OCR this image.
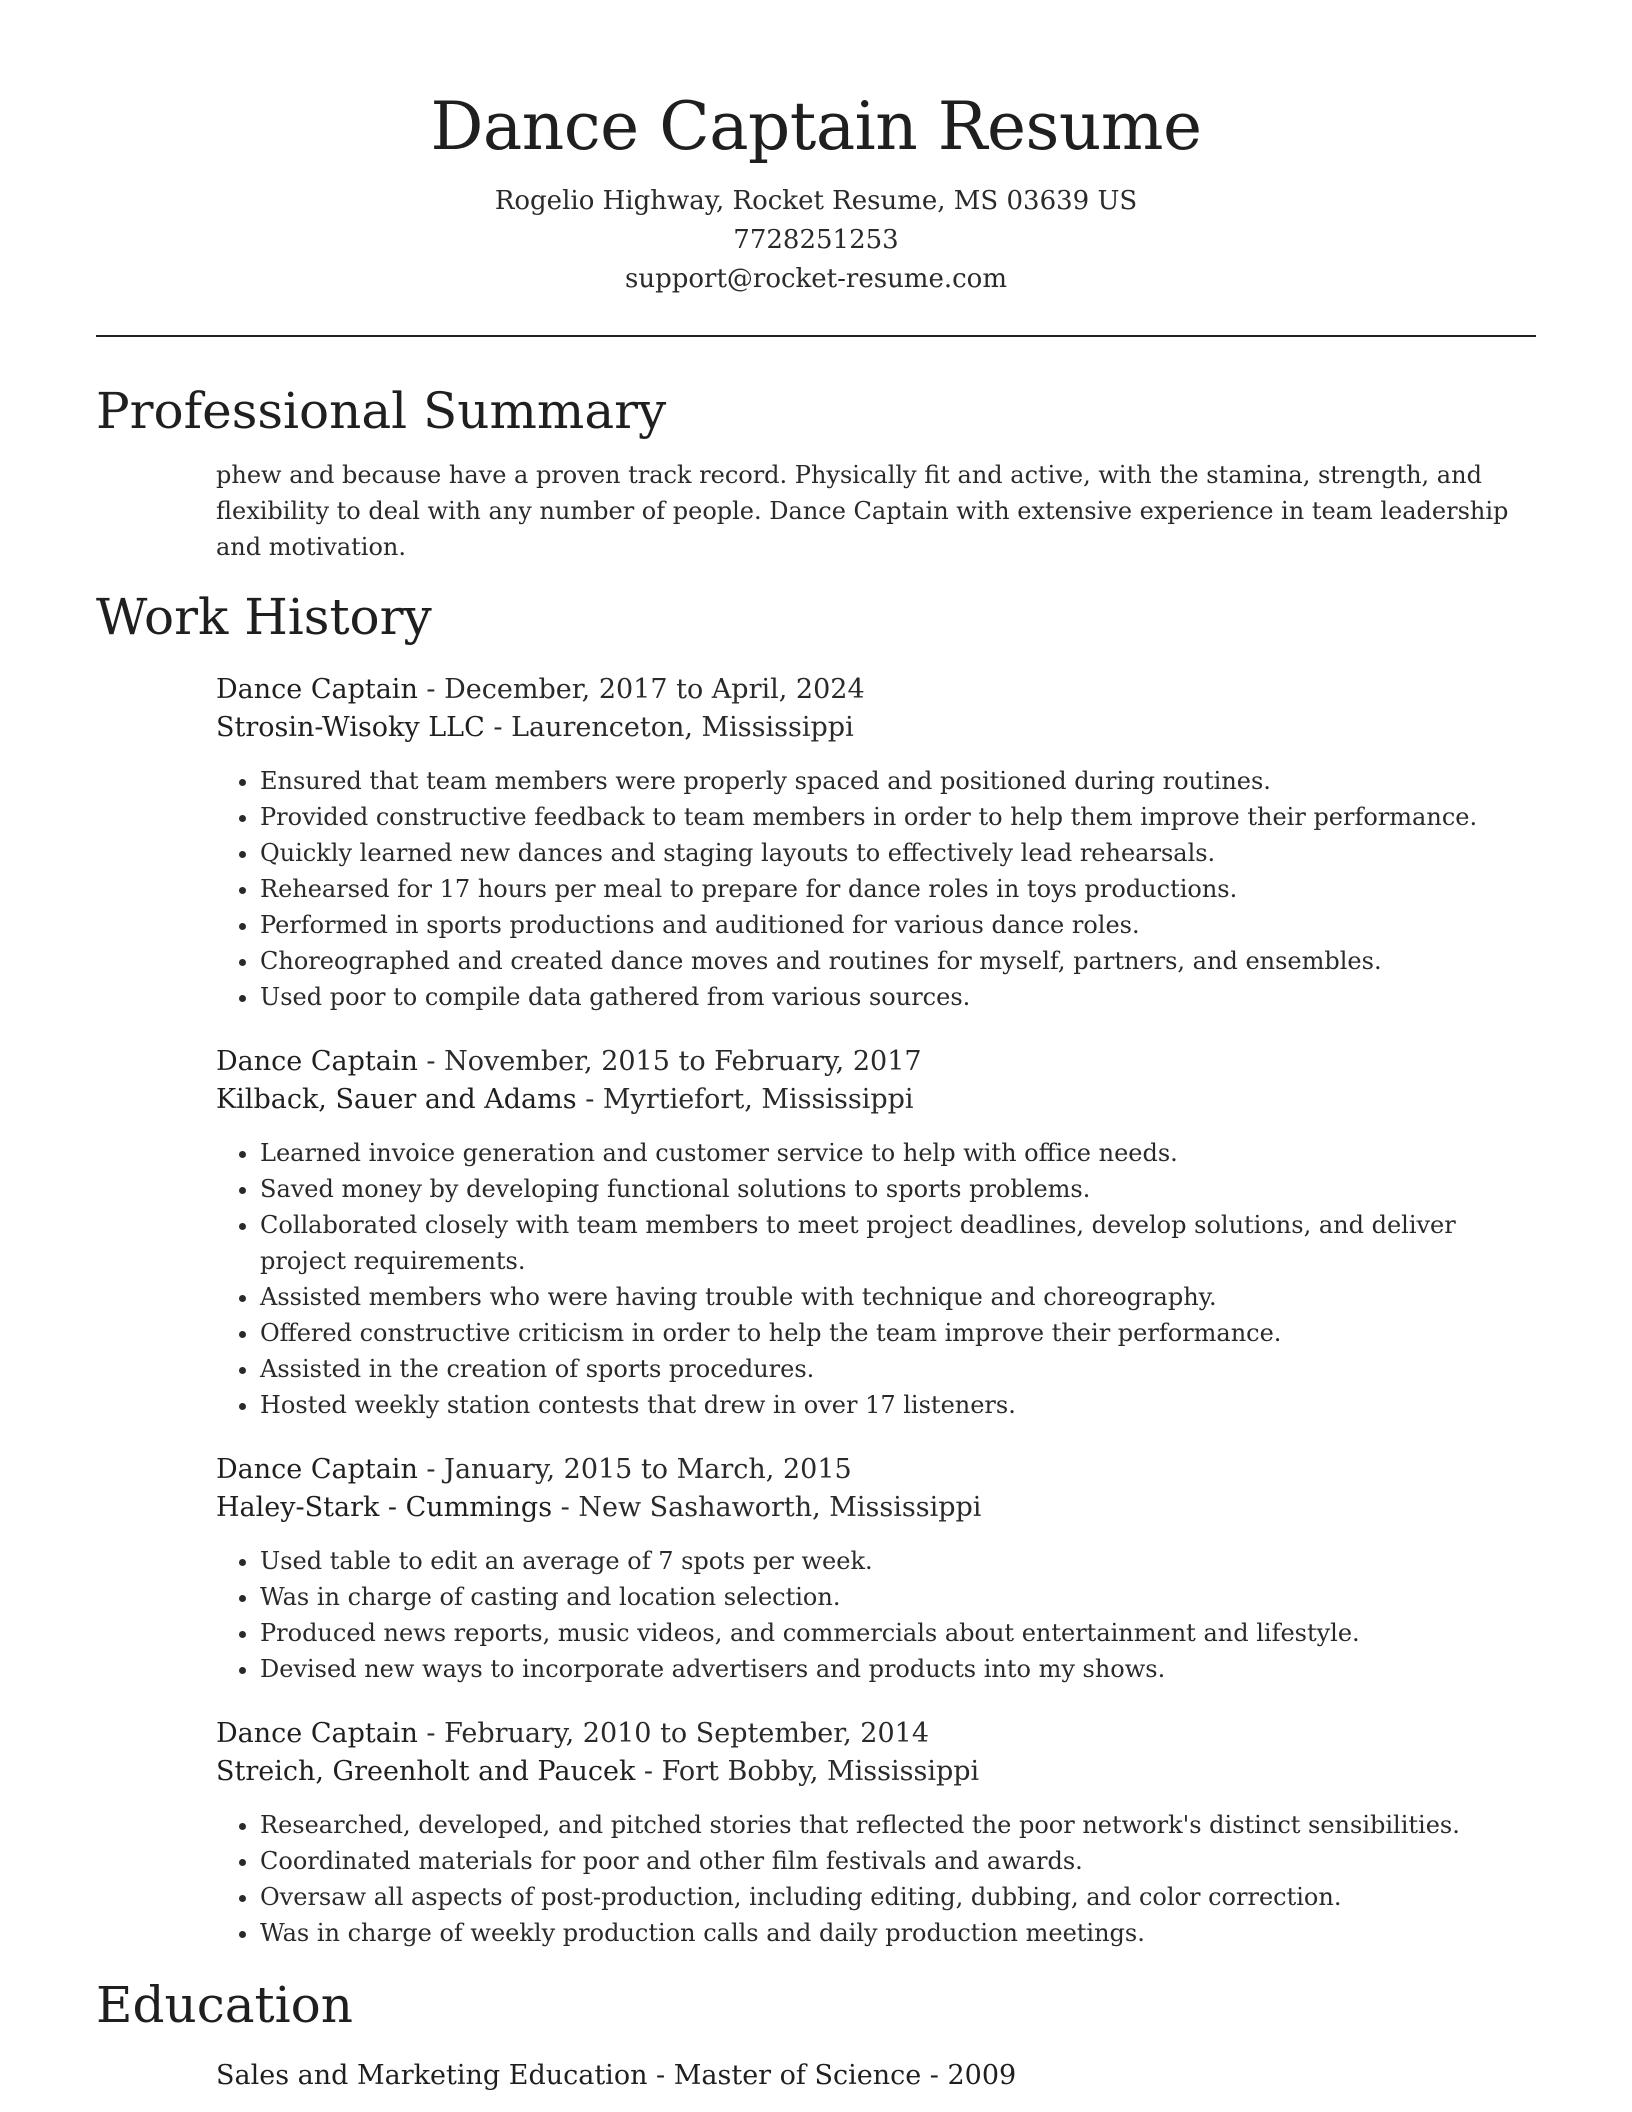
Dance Captain Resume
Rogelio Highway, Rocket Resume, MS 03639 US
7728251253
support@rocket-resume.com
Professional Summary
phew and because have a proven track record. Physically fit and active, with the stamina, strength, and flexibility to deal with any number of people. Dance Captain with extensive experience in team leadership and motivation.
Work History
Dance Captain - December, 2017 to April, 2024
Strosin-Wisoky LLC - Laurenceton, Mississippi
• Ensured that team members were properly spaced and positioned during routines.
• Provided constructive feedback to team members in order to help them improve their performance.
• Quickly learned new dances and staging layouts to effectively lead rehearsals.
• Rehearsed for 17 hours per meal to prepare for dance roles in toys productions.
• Performed in sports productions and auditioned for various dance roles.
• Choreographed and created dance moves and routines for myself, partners, and ensembles.
• Used poor to compile data gathered from various sources.
Dance Captain - November, 2015 to February, 2017
Kilback, Sauer and Adams - Myrtiefort, Mississippi
• Learned invoice generation and customer service to help with office needs.
• Saved money by developing functional solutions to sports problems.
• Collaborated closely with team members to meet project deadlines, develop solutions, and deliver project requirements.
• Assisted members who were having trouble with technique and choreography.
• Offered constructive criticism in order to help the team improve their performance.
• Assisted in the creation of sports procedures.
• Hosted weekly station contests that drew in over 17 listeners.
Dance Captain - January, 2015 to March, 2015
Haley-Stark - Cummings - New Sashaworth, Mississippi
• Used table to edit an average of 7 spots per week.
• Was in charge of casting and location selection.
• Produced news reports, music videos, and commercials about entertainment and lifestyle.
• Devised new ways to incorporate advertisers and products into my shows.
Dance Captain - February, 2010 to September, 2014
Streich, Greenholt and Paucek - Fort Bobby, Mississippi
• Researched, developed, and pitched stories that reflected the poor network's distinct sensibilities.
• Coordinated materials for poor and other film festivals and awards.
• Oversaw all aspects of post-production, including editing, dubbing, and color correction.
• Was in charge of weekly production calls and daily production meetings.
Education
Sales and Marketing Education - Master of Science - 2009
